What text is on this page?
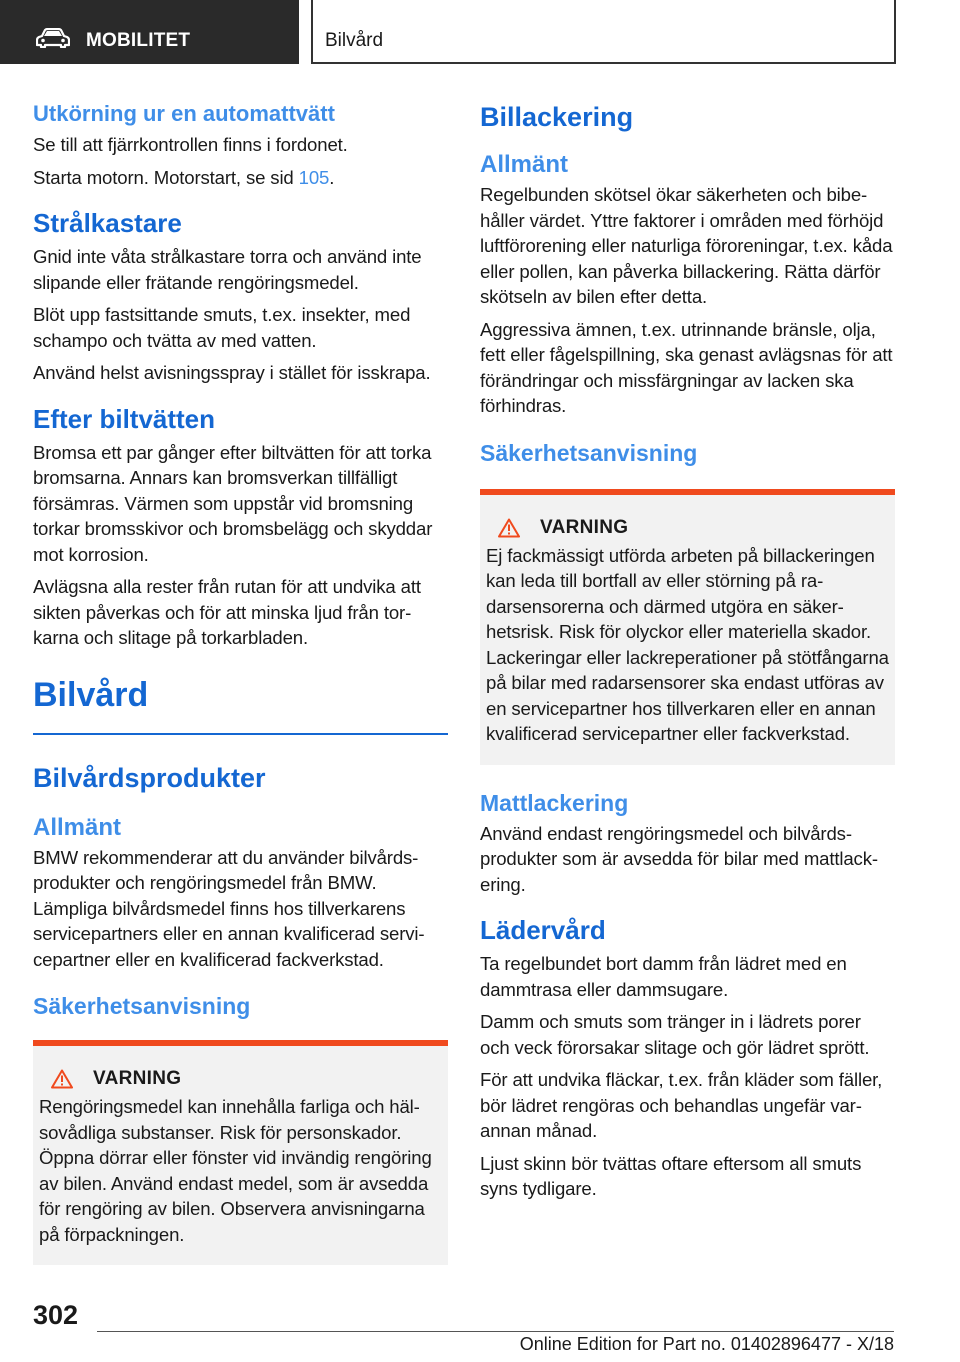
MOBILITET	Bilvård
Utkörning ur en automattvätt

Se till att fjärrkontrollen finns i fordonet.

Starta motorn. Motorstart, se sid 105.

Strålkastare

Gnid inte våta strålkastare torra och använd inte slipande eller frätande rengöringsmedel.

Blöt upp fastsittande smuts, t.ex. insekter, med schampo och tvätta av med vatten.

Använd helst avisningsspray i stället för isskrapa.

Efter biltvätten

Bromsa ett par gånger efter biltvätten för att torka bromsarna. Annars kan bromsverkan tillfälligt försämras. Värmen som uppstår vid bromsning torkar bromsskivor och bromsbelägg och skyddar mot korrosion.

Avlägsna alla rester från rutan för att undvika att sikten påverkas och för att minska ljud från torkarna och slitage på torkarbladen.

Bilvård
Bilvårdsprodukter
Allmänt

BMW rekommenderar att du använder bilvårdsprodukter och rengöringsmedel från BMW. Lämpliga bilvårdsmedel finns hos tillverkarens servicepartners eller en annan kvalificerad servicepartner eller en kvalificerad fackverkstad.

Säkerhetsanvisning
VARNING

Rengöringsmedel kan innehålla farliga och hälsovådliga substanser. Risk för personskador. Öppna dörrar eller fönster vid invändig rengöring av bilen. Använd endast medel, som är avsedda för rengöring av bilen. Observera anvisningarna på förpackningen.

Billackering
Allmänt

Regelbunden skötsel ökar säkerheten och bibehåller värdet. Yttre faktorer i områden med förhöjd luftförorening eller naturliga föroreningar, t.ex. kåda eller pollen, kan påverka billackering. Rätta därför skötseln av bilen efter detta.

Aggressiva ämnen, t.ex. utrinnande bränsle, olja, fett eller fågelspillning, ska genast avlägsnas för att förändringar och missfärgningar av lacken ska förhindras.

Säkerhetsanvisning
VARNING

Ej fackmässigt utförda arbeten på billackeringen kan leda till bortfall av eller störning på radarsensorerna och därmed utgöra en säkerhetsrisk. Risk för olyckor eller materiella skador. Lackeringar eller lackreperationer på stötfångarna på bilar med radarsensorer ska endast utföras av en servicepartner hos tillverkaren eller en annan kvalificerad servicepartner eller fackverkstad.

Mattlackering

Använd endast rengöringsmedel och bilvårdsprodukter som är avsedda för bilar med mattlackering.

Lädervård

Ta regelbundet bort damm från lädret med en dammtrasa eller dammsugare.

Damm och smuts som tränger in i lädrets porer och veck förorsakar slitage och gör lädret sprött.

För att undvika fläckar, t.ex. från kläder som fäller, bör lädret rengöras och behandlas ungefär varannan månad.

Ljust skinn bör tvättas oftare eftersom all smuts syns tydligare.

302
Online Edition for Part no. 01402896477 - X/18
